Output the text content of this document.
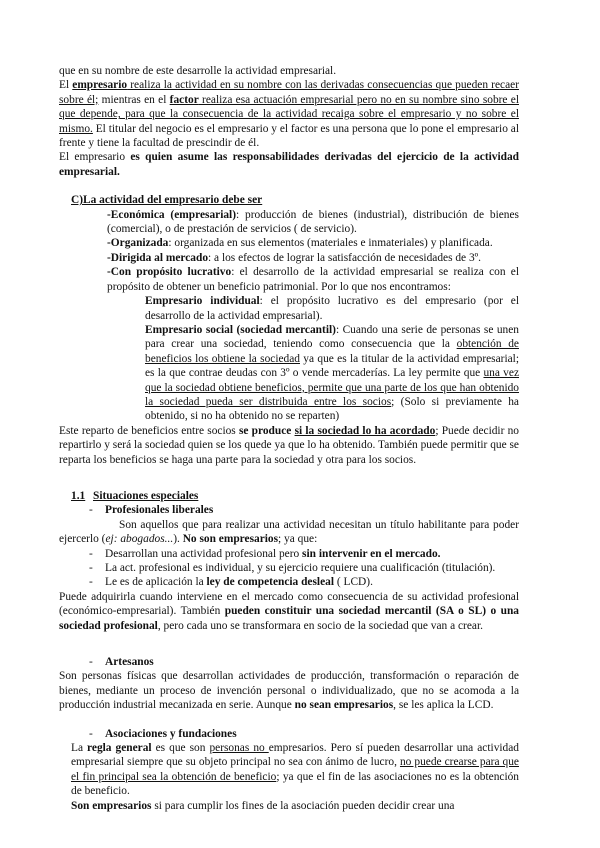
que en su nombre de este desarrolle la actividad empresarial.

El empresario realiza la actividad en su nombre con las derivadas consecuencias que pueden recaer sobre él; mientras en el factor realiza esa actuación empresarial pero no en su nombre sino sobre el que depende, para que la consecuencia de la actividad recaiga sobre el empresario y no sobre el mismo. El titular del negocio es el empresario y el factor es una persona que lo pone el empresario al frente y tiene la facultad de prescindir de él.

El empresario es quien asume las responsabilidades derivadas del ejercicio de la actividad empresarial.

C)La actividad del empresario debe ser

-Económica (empresarial): producción de bienes (industrial), distribución de bienes (comercial), o de prestación de servicios ( de servicio).

-Organizada: organizada en sus elementos (materiales e inmateriales) y planificada.

-Dirigida al mercado: a los efectos de lograr la satisfacción de necesidades de 3º.

-Con propósito lucrativo: el desarrollo de la actividad empresarial se realiza con el propósito de obtener un beneficio patrimonial. Por lo que nos encontramos:

Empresario individual: el propósito lucrativo es del empresario (por el desarrollo de la actividad empresarial).

Empresario social (sociedad mercantil): Cuando una serie de personas se unen para crear una sociedad, teniendo como consecuencia que la obtención de beneficios los obtiene la sociedad ya que es la titular de la actividad empresarial; es la que contrae deudas con 3º o vende mercaderías. La ley permite que una vez que la sociedad obtiene beneficios, permite que una parte de los que han obtenido la sociedad pueda ser distribuida entre los socios; (Solo si previamente ha obtenido, si no ha obtenido no se reparten)

Este reparto de beneficios entre socios se produce si la sociedad lo ha acordado; Puede decidir no repartirlo y será la sociedad quien se los quede ya que lo ha obtenido. También puede permitir que se reparta los beneficios se haga una parte para la sociedad y otra para los socios.

1.1 Situaciones especiales

- Profesionales liberales

Son aquellos que para realizar una actividad necesitan un título habilitante para poder ejercerlo (ej: abogados...). No son empresarios; ya que:

- Desarrollan una actividad profesional pero sin intervenir en el mercado.

- La act. profesional es individual, y su ejercicio requiere una cualificación (titulación).

- Le es de aplicación la ley de competencia desleal ( LCD).

Puede adquirirla cuando interviene en el mercado como consecuencia de su actividad profesional (económico-empresarial). También pueden constituir una sociedad mercantil (SA o SL) o una sociedad profesional, pero cada uno se transformara en socio de la sociedad que van a crear.

- Artesanos

Son personas físicas que desarrollan actividades de producción, transformación o reparación de bienes, mediante un proceso de invención personal o individualizado, que no se acomoda a la producción industrial mecanizada en serie. Aunque no sean empresarios, se les aplica la LCD.

- Asociaciones y fundaciones

La regla general es que son personas no empresarios. Pero sí pueden desarrollar una actividad empresarial siempre que su objeto principal no sea con ánimo de lucro, no puede crearse para que el fin principal sea la obtención de beneficio; ya que el fin de las asociaciones no es la obtención de beneficio.

Son empresarios si para cumplir los fines de la asociación pueden decidir crear una
